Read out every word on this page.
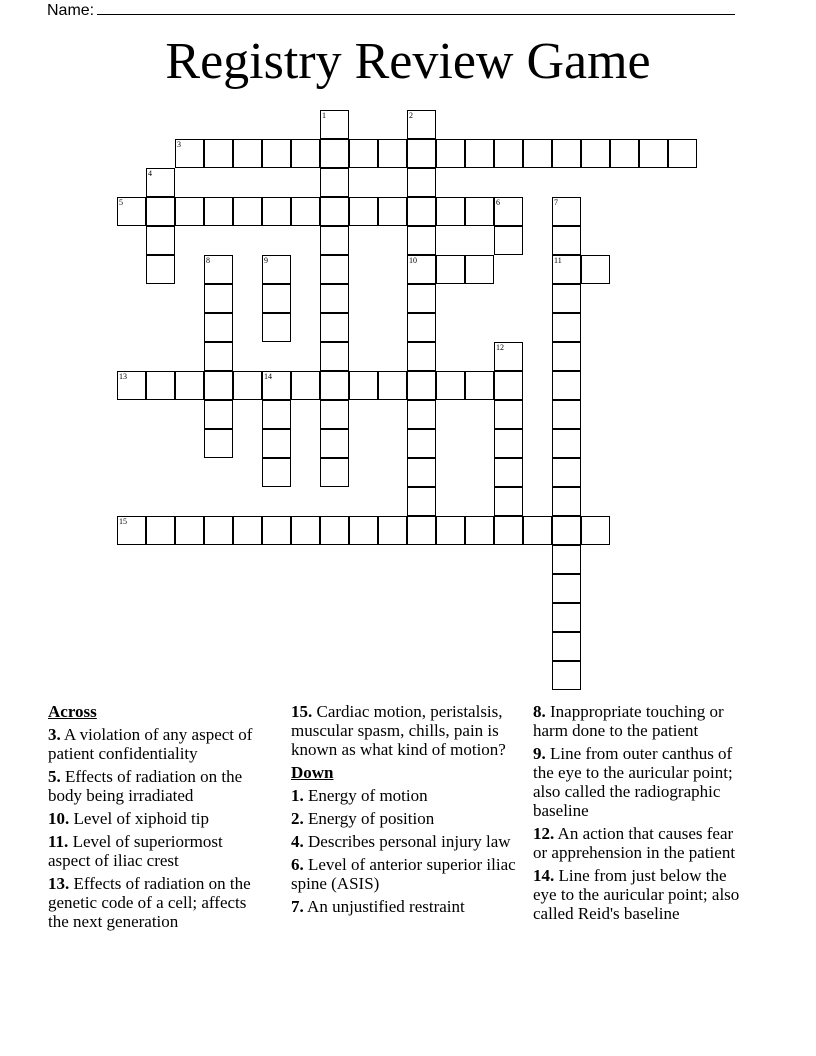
Name:
Registry Review Game
3
5	6
10	11
13	14
15
1	2
4
7
8	9
12
Across
3. A violation of any aspect of patient confidentiality
5. Effects of radiation on the body being irradiated
10. Level of xiphoid tip
11. Level of superiormost aspect of iliac crest
13. Effects of radiation on the genetic code of a cell; affects the next generation
15. Cardiac motion, peristalsis, muscular spasm, chills, pain is known as what kind of motion?
Down
1. Energy of motion
2. Energy of position
4. Describes personal injury law
6. Level of anterior superior iliac spine (ASIS)
7. An unjustified restraint
8. Inappropriate touching or harm done to the patient
9. Line from outer canthus of the eye to the auricular point; also called the radiographic baseline
12. An action that causes fear or apprehension in the patient
14. Line from just below the eye to the auricular point; also called Reid's baseline
